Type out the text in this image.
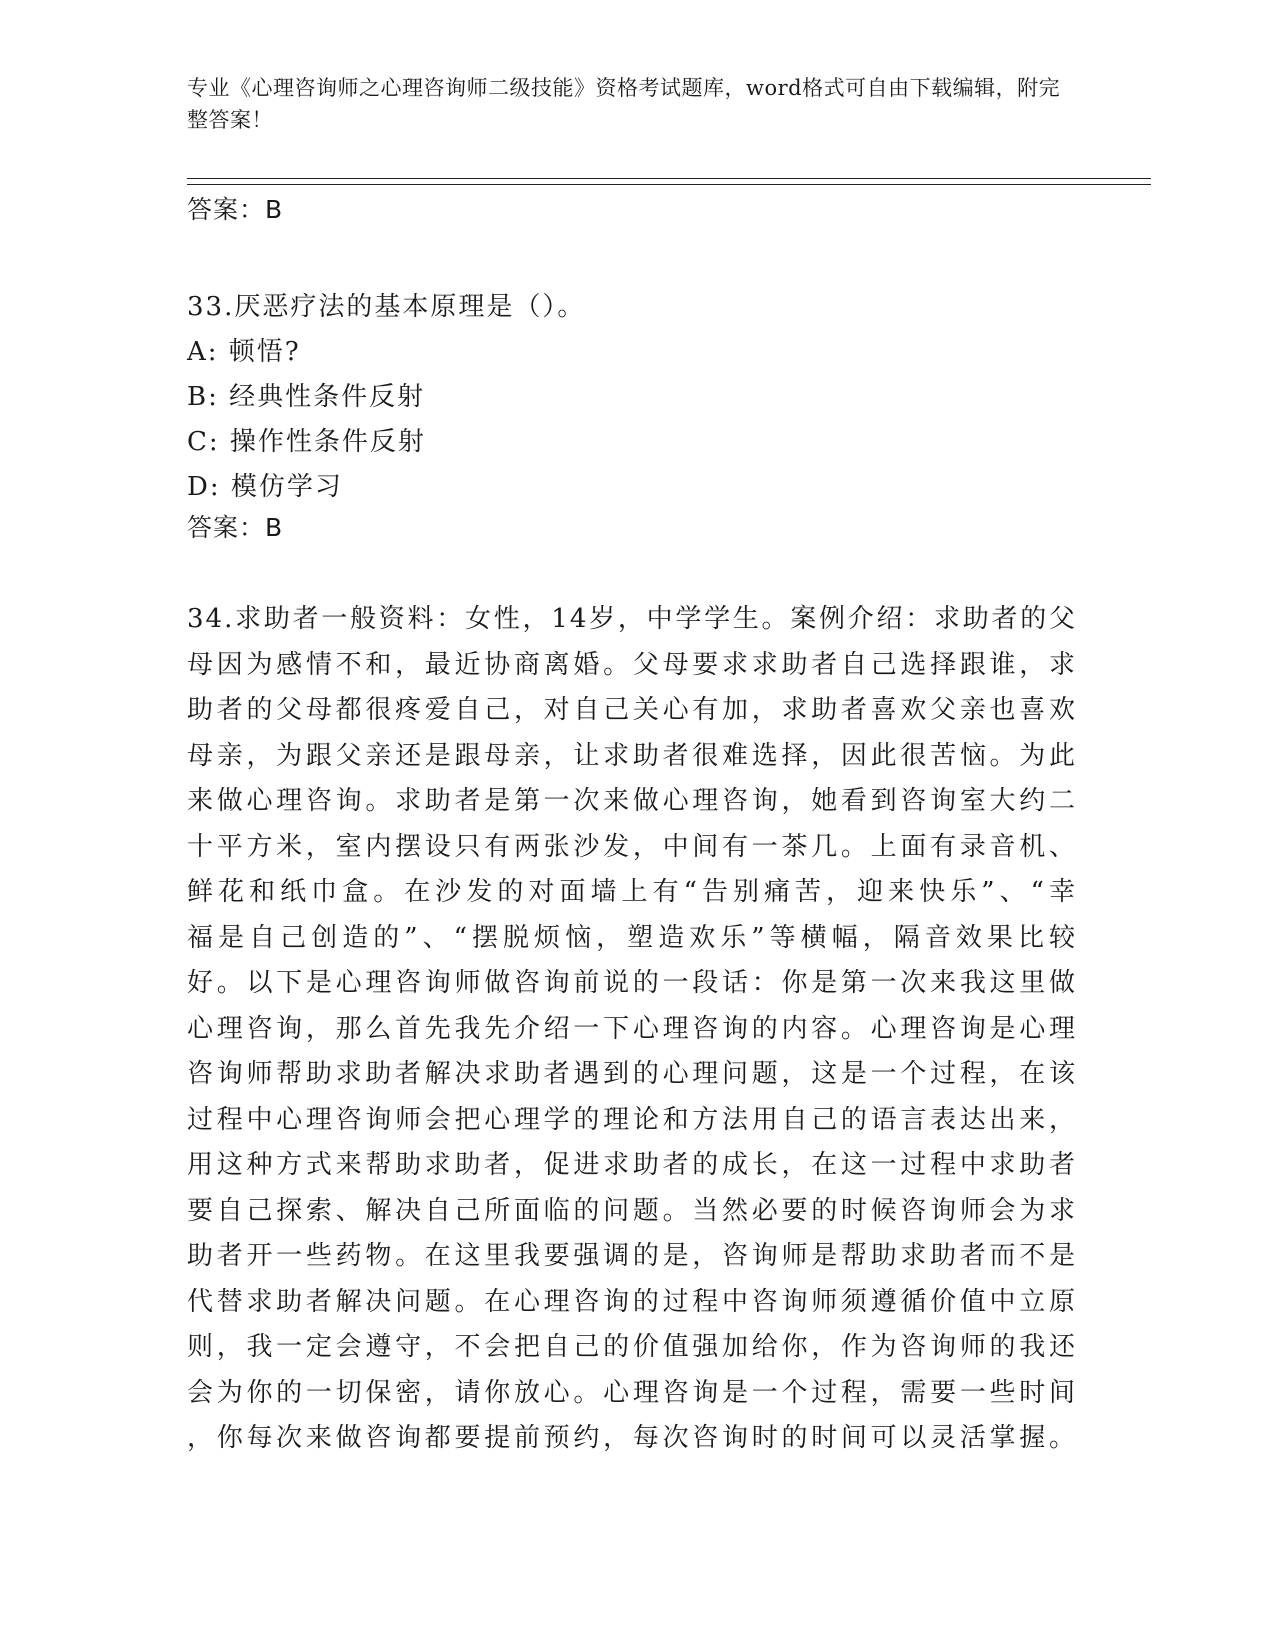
专业《心理咨询师之心理咨询师二级技能》资格考试题库，word格式可自由下载编辑，附完整答案！

答案：B

33.厌恶疗法的基本原理是（）。
A: 顿悟?
B: 经典性条件反射
C: 操作性条件反射
D: 模仿学习

答案：B

34.求助者一般资料：女性，14岁，中学学生。案例介绍：求助者的父
母因为感情不和，最近协商离婚。父母要求求助者自己选择跟谁，求
助者的父母都很疼爱自己，对自己关心有加，求助者喜欢父亲也喜欢
母亲，为跟父亲还是跟母亲，让求助者很难选择，因此很苦恼。为此
来做心理咨询。求助者是第一次来做心理咨询，她看到咨询室大约二
十平方米，室内摆设只有两张沙发，中间有一茶几。上面有录音机、
鲜花和纸巾盒。在沙发的对面墙上有“告别痛苦，迎来快乐”、“幸
福是自己创造的”、“摆脱烦恼，塑造欢乐”等横幅，隔音效果比较
好。以下是心理咨询师做咨询前说的一段话：你是第一次来我这里做
心理咨询，那么首先我先介绍一下心理咨询的内容。心理咨询是心理
咨询师帮助求助者解决求助者遇到的心理问题，这是一个过程，在该
过程中心理咨询师会把心理学的理论和方法用自己的语言表达出来，
用这种方式来帮助求助者，促进求助者的成长，在这一过程中求助者
要自己探索、解决自己所面临的问题。当然必要的时候咨询师会为求
助者开一些药物。在这里我要强调的是，咨询师是帮助求助者而不是
代替求助者解决问题。在心理咨询的过程中咨询师须遵循价值中立原
则，我一定会遵守，不会把自己的价值强加给你，作为咨询师的我还
会为你的一切保密，请你放心。心理咨询是一个过程，需要一些时间
，你每次来做咨询都要提前预约，每次咨询时的时间可以灵活掌握。
